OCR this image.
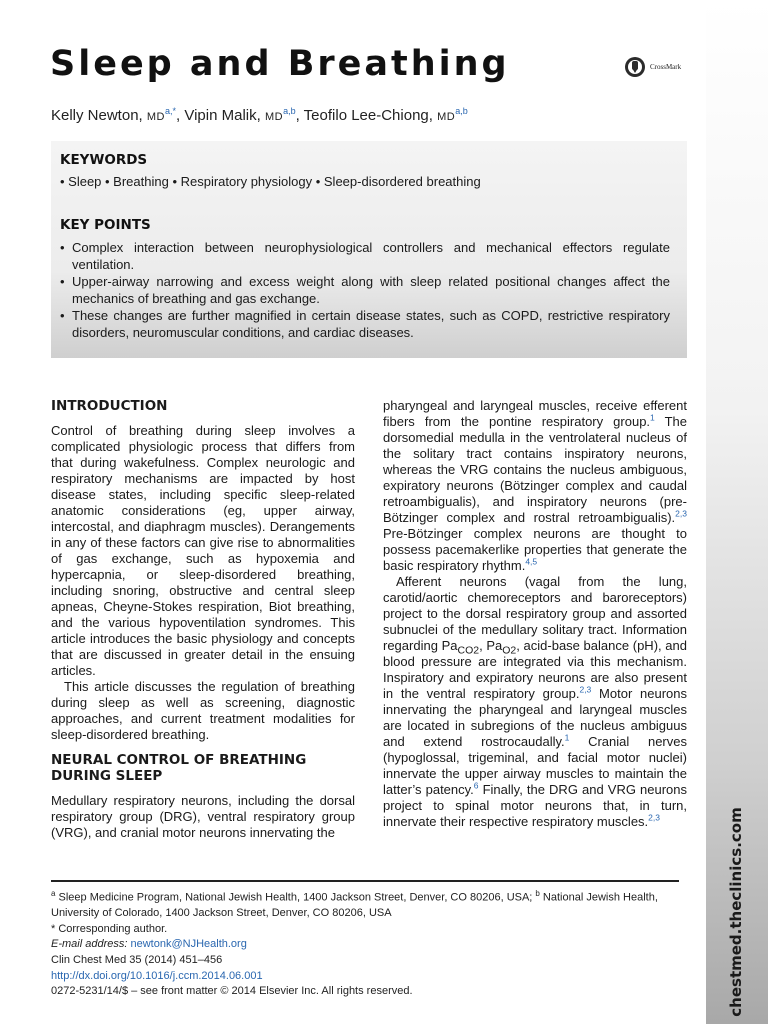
Sleep and Breathing	CrossMark
Kelly Newton, $MD^{a,*}$, Vipin Malik, MD$^{a,b}$, Teofilo Lee-Chiong, MD$^{a,b}$
KEYWORDS
• Sleep • Breathing • Respiratory physiology • Sleep-disordered breathing
KEY POINTS
• Complex interaction between neurophysiological controllers and mechanical effectors regulate ventilation.
• Upper-airway narrowing and excess weight along with sleep related positional changes affect the mechanics of breathing and gas exchange.
• These changes are further magnified in certain disease states, such as COPD, restrictive respiratory disorders, neuromuscular conditions, and cardiac diseases.
INTRODUCTION

Control of breathing during sleep involves a complicated physiologic process that differs from that during wakefulness. Complex neurologic and respiratory mechanisms are impacted by host disease states, including specific sleep-related anatomic considerations (eg, upper airway, intercostal, and diaphragm muscles). Derangements in any of these factors can give rise to abnormalities of gas exchange, such as hypoxemia and hypercapnia, or sleep-disordered breathing, including snoring, obstructive and central sleep apneas, Cheyne-Stokes respiration, Biot breathing, and the various hypoventilation syndromes. This article introduces the basic physiology and concepts that are discussed in greater detail in the ensuing articles.

This article discusses the regulation of breathing during sleep as well as screening, diagnostic approaches, and current treatment modalities for sleep-disordered breathing.

NEURAL CONTROL OF BREATHING DURING SLEEP

Medullary respiratory neurons, including the dorsal respiratory group (DRG), ventral respiratory group (VRG), and cranial motor neurons innervating the

pharyngeal and laryngeal muscles, receive efferent fibers from the pontine respiratory group.$^1$ The dorsomedial medulla in the ventrolateral nucleus of the solitary tract contains inspiratory neurons, whereas the VRG contains the nucleus ambiguous, expiratory neurons (Bötzinger complex and caudal retroambigualis), and inspiratory neurons (pre-Bötzinger complex and rostral retroambigualis).$^{2,3}$ Pre-Bötzinger complex neurons are thought to possess pacemakerlike properties that generate the basic respiratory rhythm.$^{4,5}$

Afferent neurons (vagal from the lung, carotid/aortic chemoreceptors and baroreceptors) project to the dorsal respiratory group and assorted subnuclei of the medullary solitary tract. Information regarding $Pa_{CO2}$, $Pa_{O2}$, acid-base balance (pH), and blood pressure are integrated via this mechanism. Inspiratory and expiratory neurons are also present in the ventral respiratory group.$^{2,3}$ Motor neurons innervating the pharyngeal and laryngeal muscles are located in subregions of the nucleus ambiguus and extend rostrocaudally.$^1$ Cranial nerves (hypoglossal, trigeminal, and facial motor nuclei) innervate the upper airway muscles to maintain the latter’s patency.$^6$ Finally, the DRG and VRG neurons project to spinal motor neurons that, in turn, innervate their respective respiratory muscles.$^{2,3}$

$^a$ Sleep Medicine Program, National Jewish Health, 1400 Jackson Street, Denver, CO 80206, USA; $^b$ National Jewish Health, University of Colorado, 1400 Jackson Street, Denver, CO 80206, USA

* Corresponding author.

E-mail address: newtonk@NJHealth.org

Clin Chest Med 35 (2014) 451–456

http://dx.doi.org/10.1016/j.ccm.2014.06.001

0272-5231/14/$ – see front matter © 2014 Elsevier Inc. All rights reserved.	chestmed.theclinics.com
